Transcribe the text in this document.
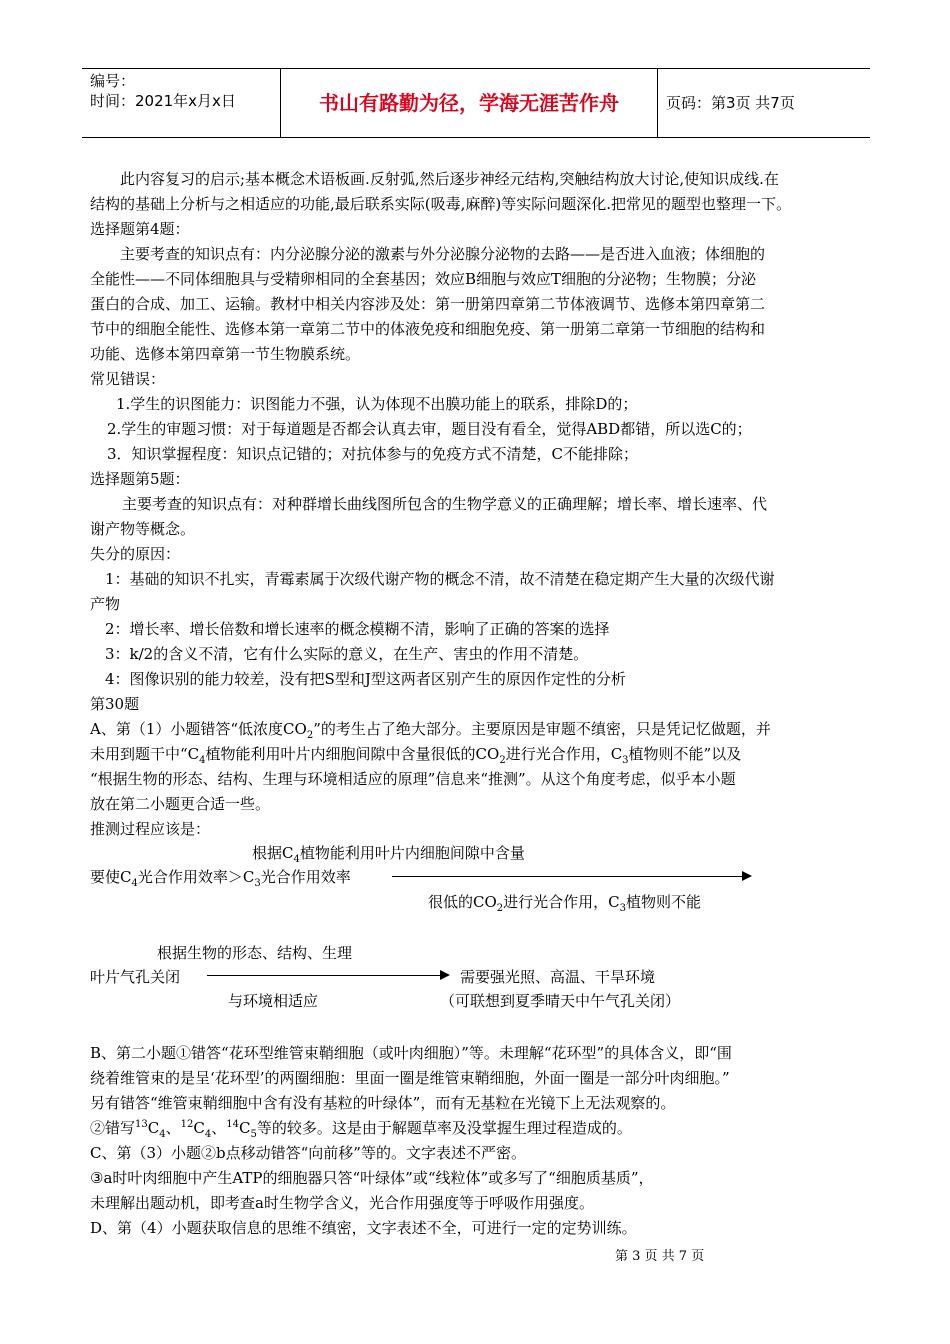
编号：
时间：2021年x月x日	书山有路勤为径，学海无涯苦作舟	页码：第3页 共7页
此内容复习的启示;基本概念术语板画.反射弧,然后逐步神经元结构,突触结构放大讨论,使知识成线.在
结构的基础上分析与之相适应的功能,最后联系实际(吸毒,麻醉)等实际问题深化.把常见的题型也整理一下。
选择题第4题：
主要考查的知识点有：内分泌腺分泌的激素与外分泌腺分泌物的去路——是否进入血液；体细胞的
全能性——不同体细胞具与受精卵相同的全套基因；效应B细胞与效应T细胞的分泌物；生物膜；分泌
蛋白的合成、加工、运输。教材中相关内容涉及处：第一册第四章第二节体液调节、选修本第四章第二
节中的细胞全能性、选修本第一章第二节中的体液免疫和细胞免疫、第一册第二章第一节细胞的结构和
功能、选修本第四章第一节生物膜系统。
常见错误：
1.学生的识图能力：识图能力不强，认为体现不出膜功能上的联系，排除D的；
2.学生的审题习惯：对于每道题是否都会认真去审，题目没有看全，觉得ABD都错，所以选C的；
3．知识掌握程度：知识点记错的；对抗体参与的免疫方式不清楚，C不能排除；
选择题第5题：
主要考查的知识点有：对种群增长曲线图所包含的生物学意义的正确理解；增长率、增长速率、代
谢产物等概念。
失分的原因：
1：基础的知识不扎实，青霉素属于次级代谢产物的概念不清，故不清楚在稳定期产生大量的次级代谢
产物
2：增长率、增长倍数和增长速率的概念模糊不清，影响了正确的答案的选择
3：k/2的含义不清，它有什么实际的意义，在生产、害虫的作用不清楚。
4：图像识别的能力较差，没有把S型和J型这两者区别产生的原因作定性的分析
第30题
A、第（1）小题错答“低浓度$CO_2$”的考生占了绝大部分。主要原因是审题不缜密，只是凭记忆做题，并
未用到题干中“$C_4$植物能利用叶片内细胞间隙中含量很低的$CO_2$进行光合作用，$C_3$植物则不能”以及
“根据生物的形态、结构、生理与环境相适应的原理”信息来“推测”。从这个角度考虑，似乎本小题
放在第二小题更合适一些。
推测过程应该是：
根据$C_4$植物能利用叶片内细胞间隙中含量
要使$C_4$光合作用效率$>C_3$光合作用效率
很低的$CO_2$进行光合作用，$C_3$植物则不能
根据生物的形态、结构、生理
叶片气孔关闭	需要强光照、高温、干旱环境
与环境相适应	（可联想到夏季晴天中午气孔关闭）
B、第二小题①错答“花环型维管束鞘细胞（或叶肉细胞）”等。未理解“花环型”的具体含义，即“围
绕着维管束的是呈‘花环型’的两圈细胞：里面一圈是维管束鞘细胞，外面一圈是一部分叶肉细胞。”
另有错答“维管束鞘细胞中含有没有基粒的叶绿体”，而有无基粒在光镜下上无法观察的。
②错写$^{13}C_4$、$^{12}C_4$、$^{14}C_5$等的较多。这是由于解题草率及没掌握生理过程造成的。
C、第（3）小题②b点移动错答“向前移”等的。文字表述不严密。
③a时叶肉细胞中产生ATP的细胞器只答“叶绿体”或“线粒体”或多写了“细胞质基质”，
未理解出题动机，即考查a时生物学含义，光合作用强度等于呼吸作用强度。
D、第（4）小题获取信息的思维不缜密，文字表述不全，可进行一定的定势训练。
第 3 页 共 7 页
